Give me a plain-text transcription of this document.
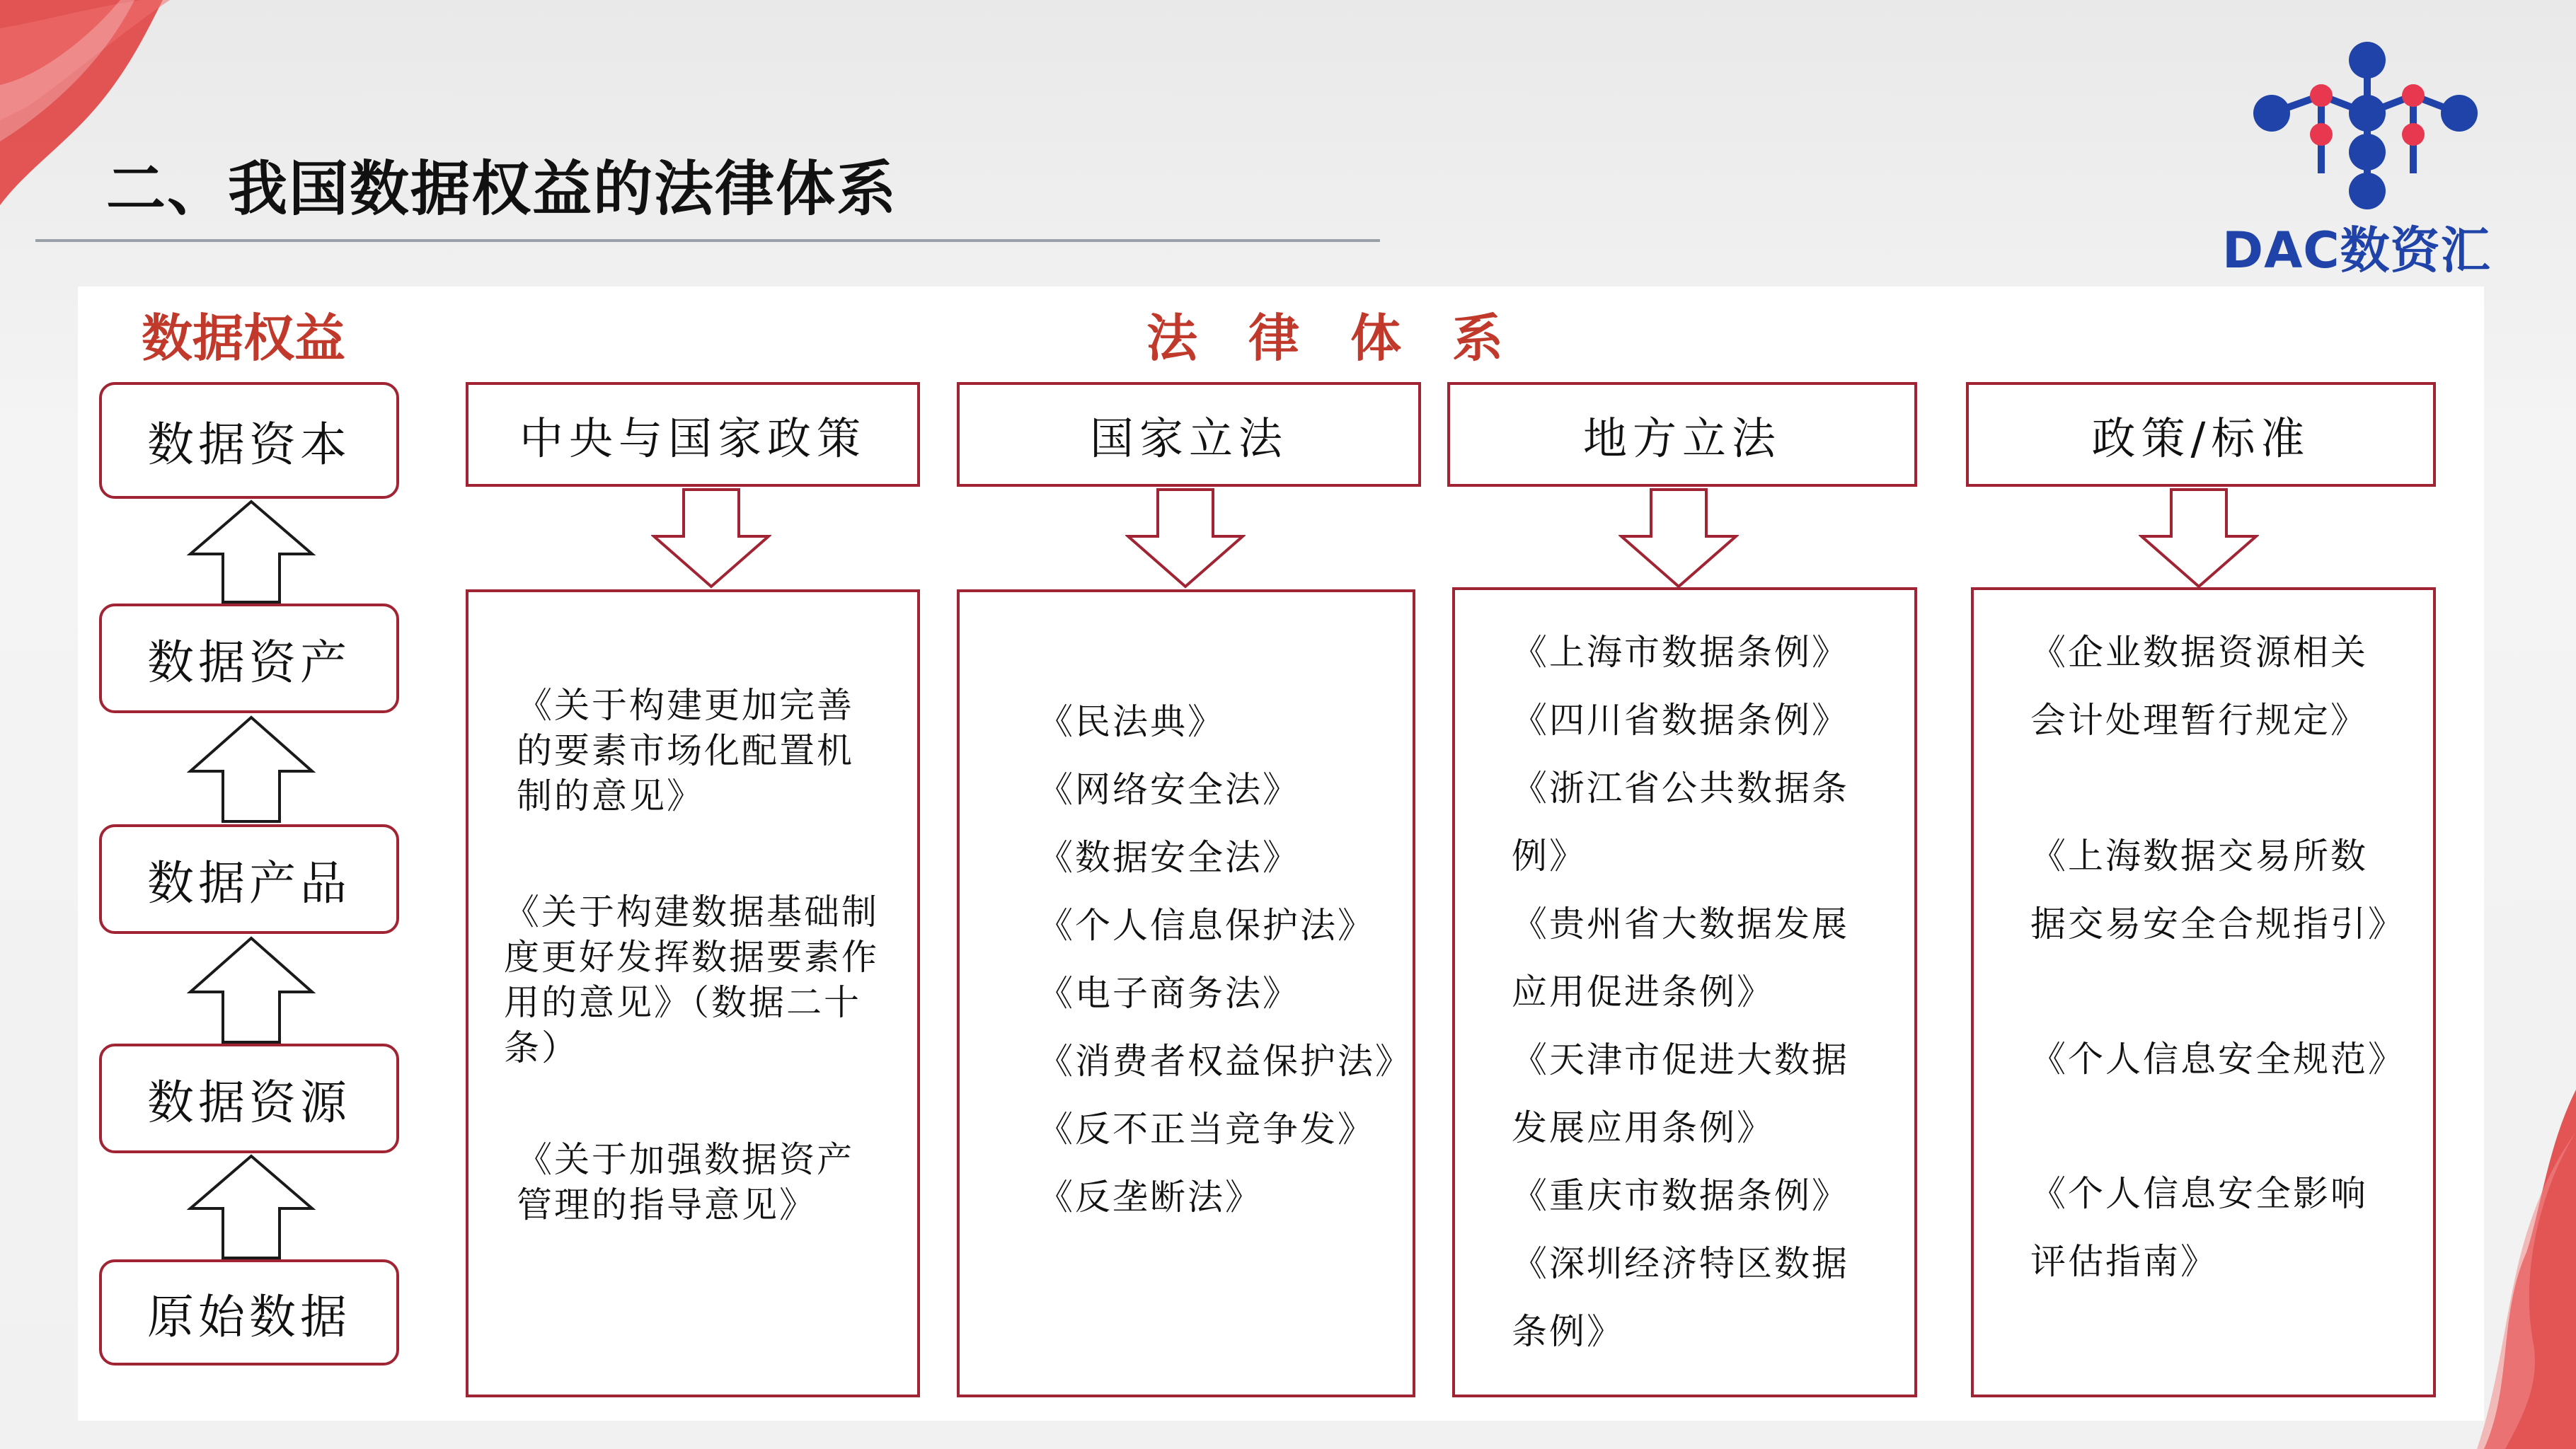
二、我国数据权益的法律体系
DAC数资汇
数据权益	法　律　体　系
数据资本
数据资产
数据产品
数据资源
原始数据
中央与国家政策
《关于构建更加完善
的要素市场化配置机
制的意见》
《关于构建数据基础制
度更好发挥数据要素作
用的意见》（数据二十
条）
《关于加强数据资产
管理的指导意见》
国家立法
《民法典》
《网络安全法》
《数据安全法》
《个人信息保护法》
《电子商务法》
《消费者权益保护法》
《反不正当竞争发》
《反垄断法》
地方立法
《上海市数据条例》
《四川省数据条例》
《浙江省公共数据条
例》
《贵州省大数据发展
应用促进条例》
《天津市促进大数据
发展应用条例》
《重庆市数据条例》
《深圳经济特区数据
条例》
政策/标准
《企业数据资源相关
会计处理暂行规定》
《上海数据交易所数
据交易安全合规指引》
《个人信息安全规范》
《个人信息安全影响
评估指南》
